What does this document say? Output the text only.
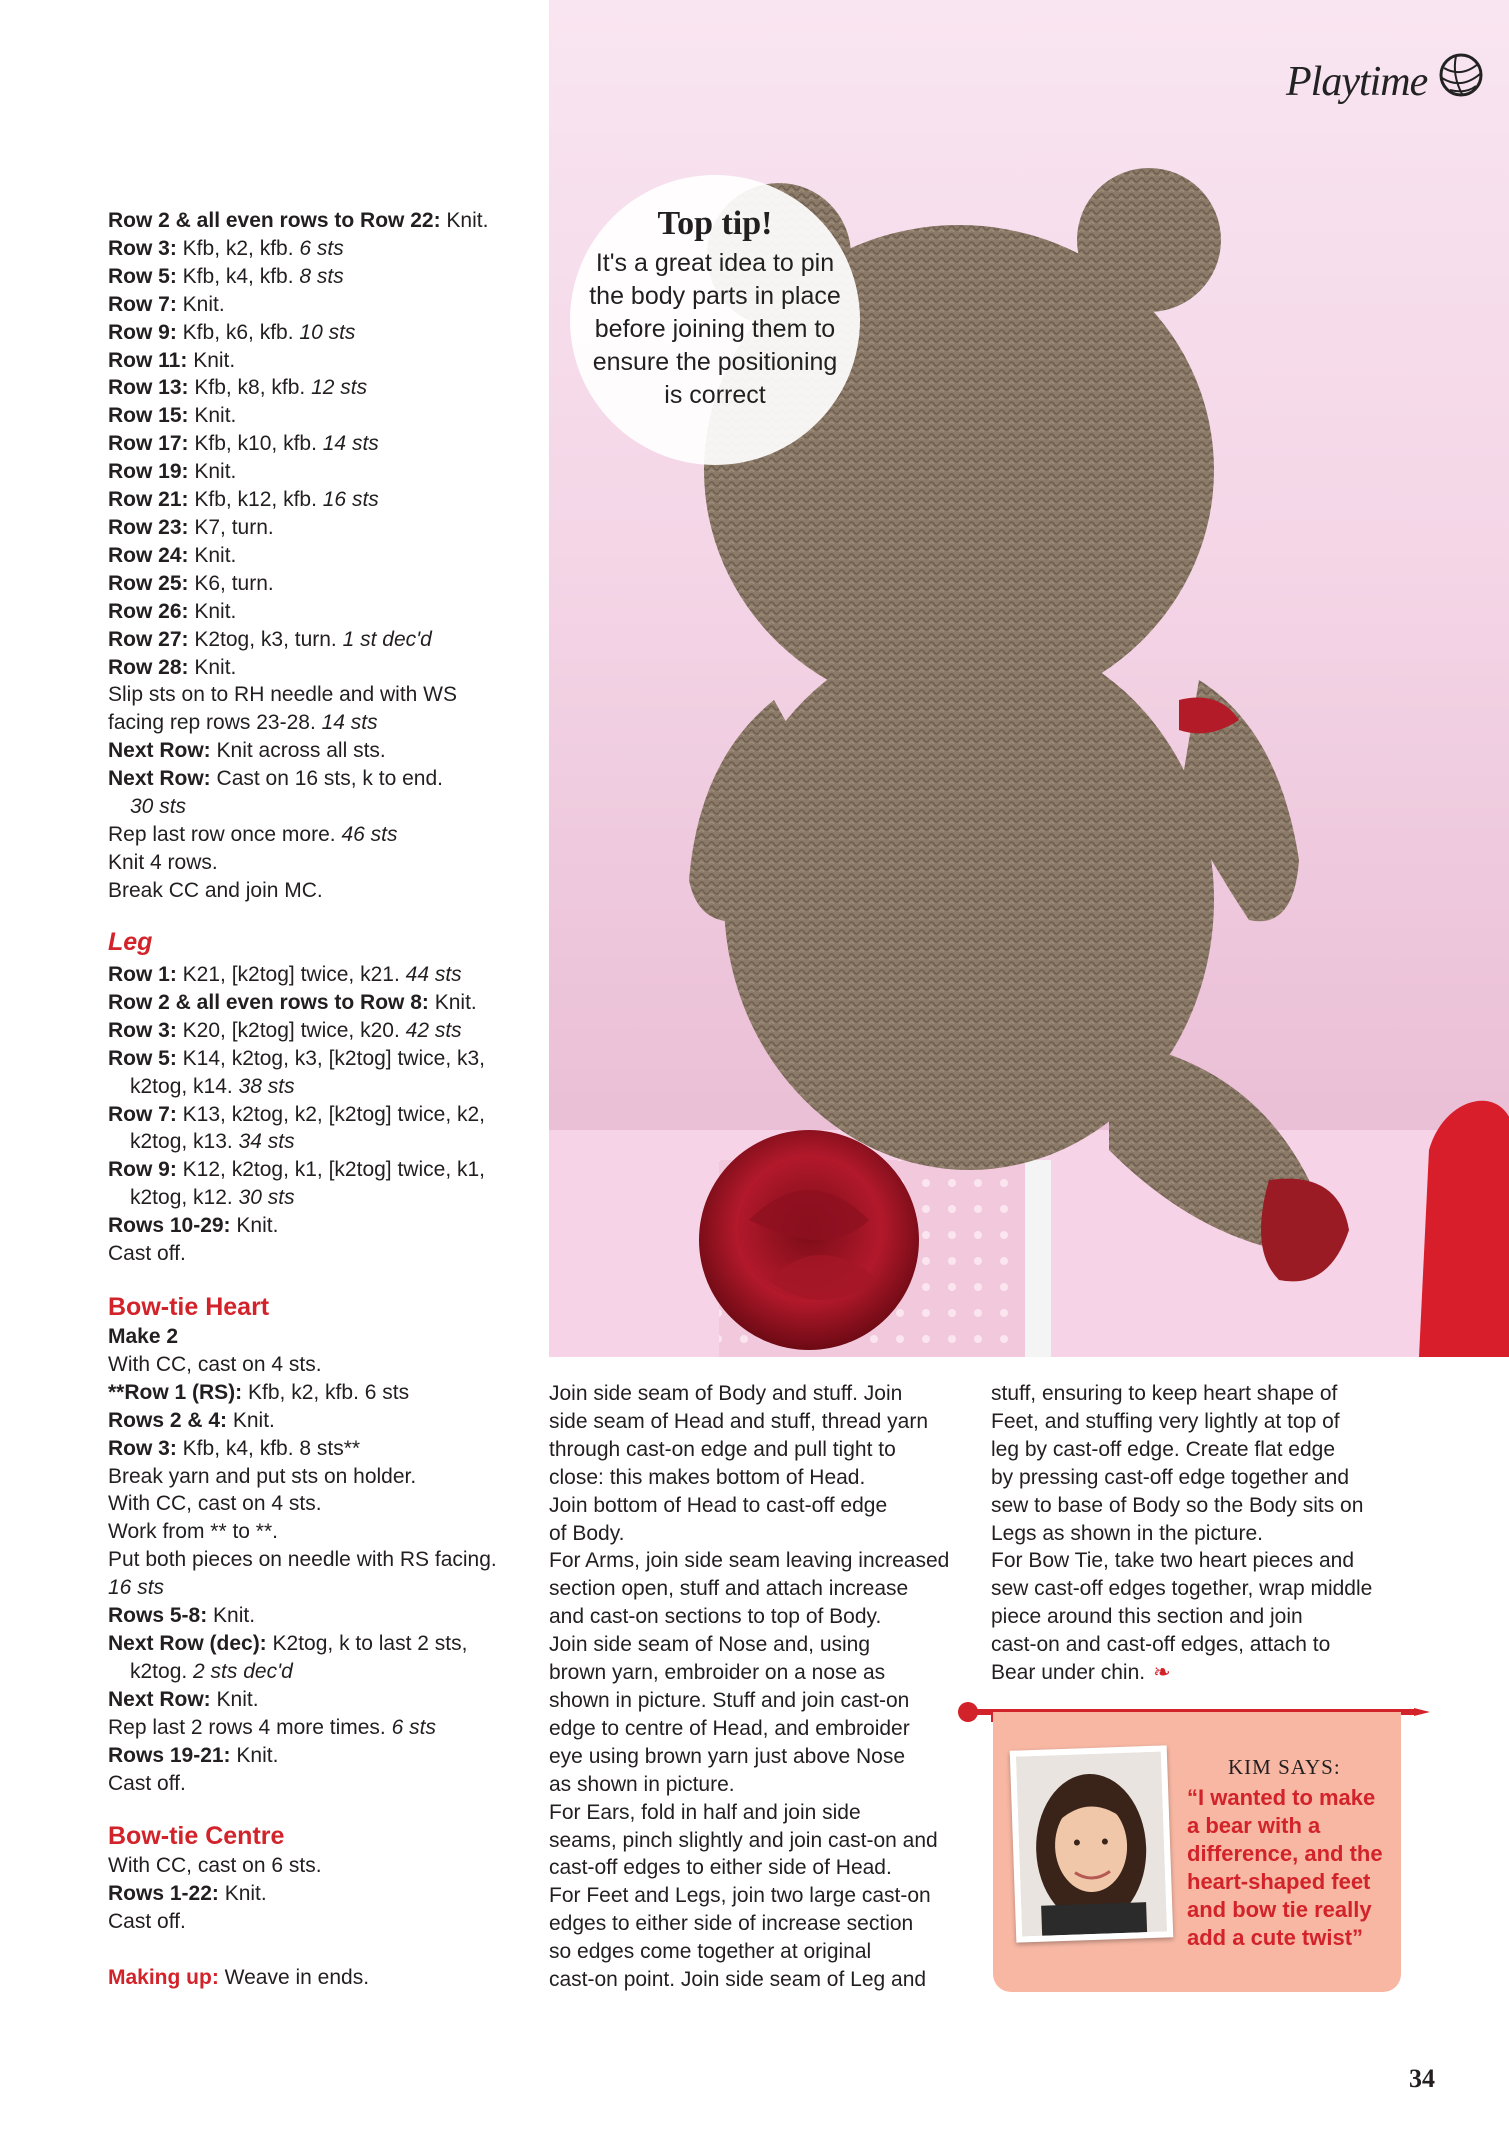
Row 2 & all even rows to Row 22: Knit.
Row 3: Kfb, k2, kfb. 6 sts
Row 5: Kfb, k4, kfb. 8 sts
Row 7: Knit.
Row 9: Kfb, k6, kfb. 10 sts
Row 11: Knit.
Row 13: Kfb, k8, kfb. 12 sts
Row 15: Knit.
Row 17: Kfb, k10, kfb. 14 sts
Row 19: Knit.
Row 21: Kfb, k12, kfb. 16 sts
Row 23: K7, turn.
Row 24: Knit.
Row 25: K6, turn.
Row 26: Knit.
Row 27: K2tog, k3, turn. 1 st dec'd
Row 28: Knit.
Slip sts on to RH needle and with WS
facing rep rows 23-28. 14 sts
Next Row: Knit across all sts.
Next Row: Cast on 16 sts, k to end.
30 sts
Rep last row once more. 46 sts
Knit 4 rows.
Break CC and join MC.
Leg
Row 1: K21, [k2tog] twice, k21. 44 sts
Row 2 & all even rows to Row 8: Knit.
Row 3: K20, [k2tog] twice, k20. 42 sts
Row 5: K14, k2tog, k3, [k2tog] twice, k3,
k2tog, k14. 38 sts
Row 7: K13, k2tog, k2, [k2tog] twice, k2,
k2tog, k13. 34 sts
Row 9: K12, k2tog, k1, [k2tog] twice, k1,
k2tog, k12. 30 sts
Rows 10-29: Knit.
Cast off.
Bow-tie Heart
Make 2
With CC, cast on 4 sts.
**Row 1 (RS): Kfb, k2, kfb. 6 sts
Rows 2 & 4: Knit.
Row 3: Kfb, k4, kfb. 8 sts**
Break yarn and put sts on holder.
With CC, cast on 4 sts.
Work from ** to **.
Put both pieces on needle with RS facing.
16 sts
Rows 5-8: Knit.
Next Row (dec): K2tog, k to last 2 sts,
k2tog. 2 sts dec'd
Next Row: Knit.
Rep last 2 rows 4 more times. 6 sts
Rows 19-21: Knit.
Cast off.
Bow-tie Centre
With CC, cast on 6 sts.
Rows 1-22: Knit.
Cast off.
Making up: Weave in ends.
Playtime
Top tip!
It's a great idea to pin the body parts in place before joining them to ensure the positioning is correct
Join side seam of Body and stuff. Join
side seam of Head and stuff, thread yarn
through cast-on edge and pull tight to
close: this makes bottom of Head.
Join bottom of Head to cast-off edge
of Body.
For Arms, join side seam leaving increased
section open, stuff and attach increase
and cast-on sections to top of Body.
Join side seam of Nose and, using
brown yarn, embroider on a nose as
shown in picture. Stuff and join cast-on
edge to centre of Head, and embroider
eye using brown yarn just above Nose
as shown in picture.
For Ears, fold in half and join side
seams, pinch slightly and join cast-on and
cast-off edges to either side of Head.
For Feet and Legs, join two large cast-on
edges to either side of increase section
so edges come together at original
cast-on point. Join side seam of Leg and
stuff, ensuring to keep heart shape of
Feet, and stuffing very lightly at top of
leg by cast-off edge. Create flat edge
by pressing cast-off edge together and
sew to base of Body so the Body sits on
Legs as shown in the picture.
For Bow Tie, take two heart pieces and
sew cast-off edges together, wrap middle
piece around this section and join
cast-on and cast-off edges, attach to
Bear under chin. ❧
KIM SAYS:
“I wanted to make a bear with a difference, and the heart-shaped feet and bow tie really add a cute twist”
34
